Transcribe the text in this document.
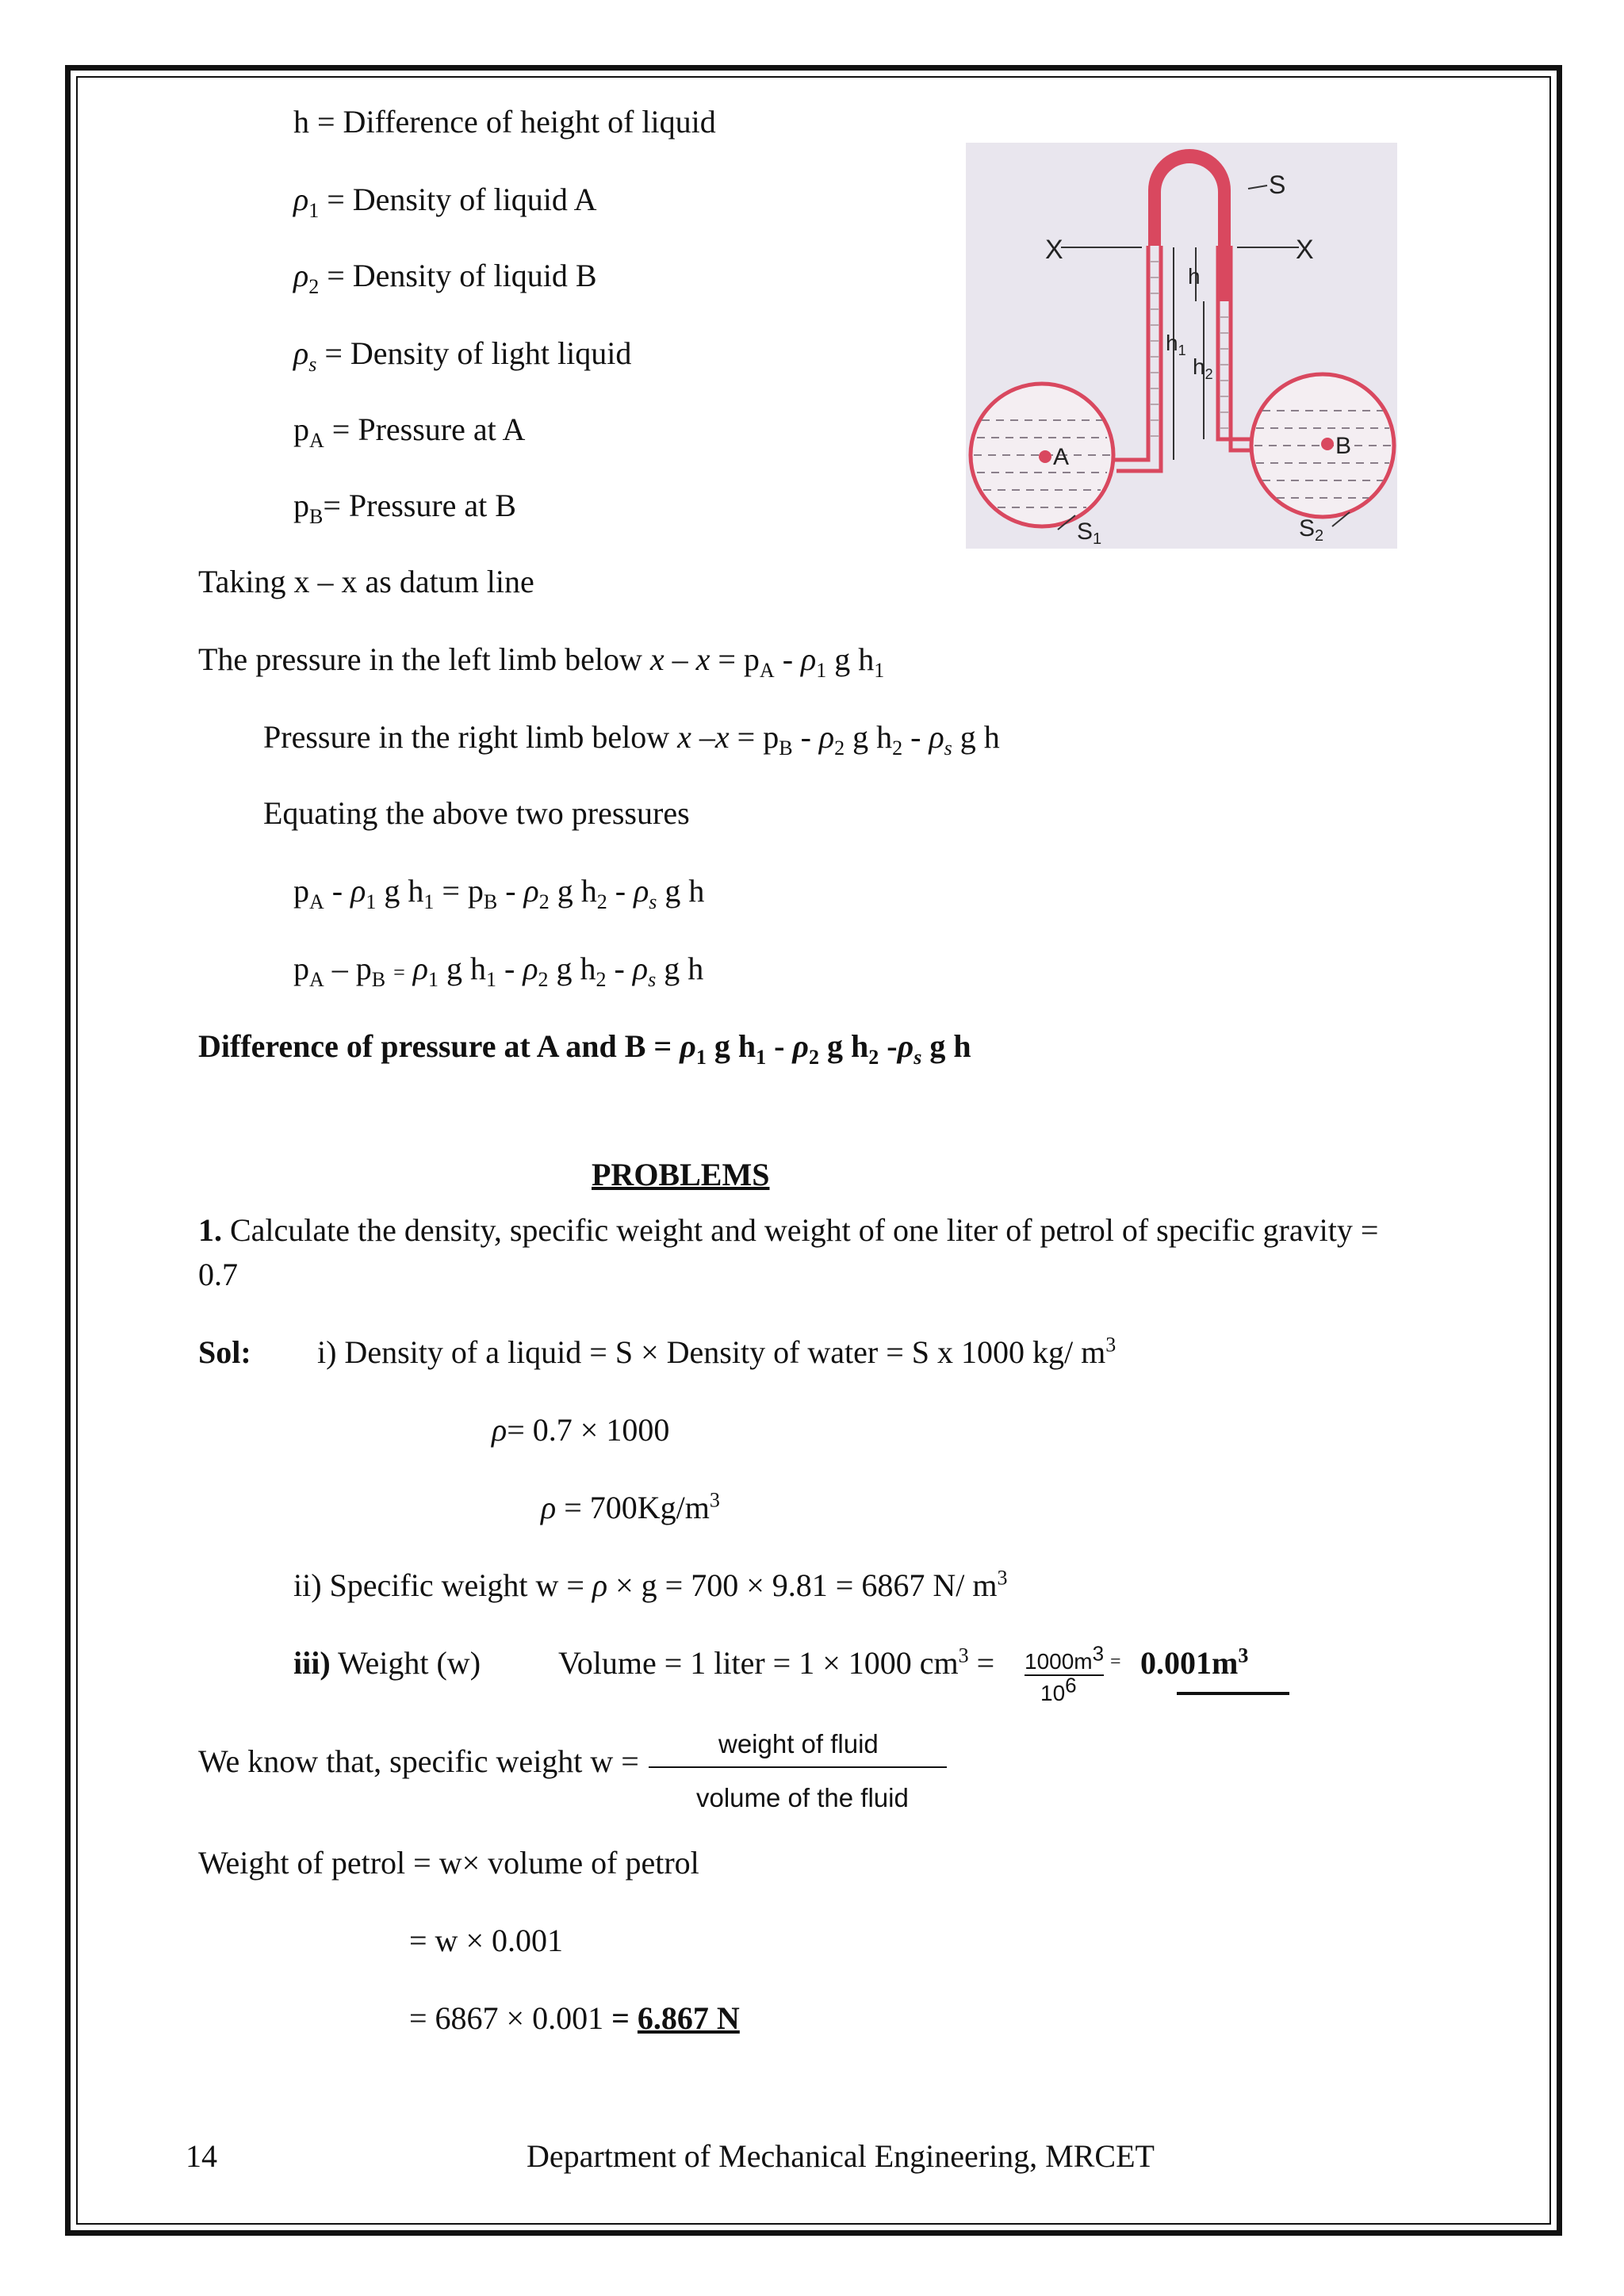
h = Difference of height of liquid
$\rho_1$ = Density of liquid A
$\rho_2$ = Density of liquid B
$\rho_s$ = Density of light liquid
$p_A$ = Pressure at A
$p_B=$ Pressure at B
X	X
S
h
$h_1$
$h_2$
A	B
$S_1$	$S_2$
Taking x – x as datum line
The pressure in the left limb below $x - x = p_A - \rho_1$ g $h_1$
Pressure in the right limb below x $-x = p_B - \rho_2$ g $h_2 - \rho_s$ g h
Equating the above two pressures
$p_A - \rho_1$ g $h_1 = p_B - \rho_2$ g $h_2 - \rho_s$ g h
$p_A - p_B = \rho_1$ g $h_1 - \rho_2$ g $h_2 - \rho_s$ g h
Difference of pressure at A and $B = \rho_1$ g $h_1 - \rho_2$ g $h_2$ $-\rho_s$ g h
PROBLEMS
1. Calculate the density, specific weight and weight of one liter of petrol of specific gravity =
0.7
Sol: i) Density of a liquid = S × Density of water = S x 1000 kg/ $m^3$
ρ= 0.7 × 1000
$\rho = 700Kg/m^3$
ii) Specific weight w = ρ × g = 700 × 9.81 = 6867 N/ $m^3$
iii) Weight (w) Volume = 1 liter = 1 × 1000 $cm^3 = 1000m^3$
$10^6$
= $0.001m^3$
We know that, specific weight w =	weight of fluid
volume of the fluid
Weight of petrol = w× volume of petrol
= w × 0.001
= 6867 × 0.001 = 6.867 N
14	Department of Mechanical Engineering, MRCET
